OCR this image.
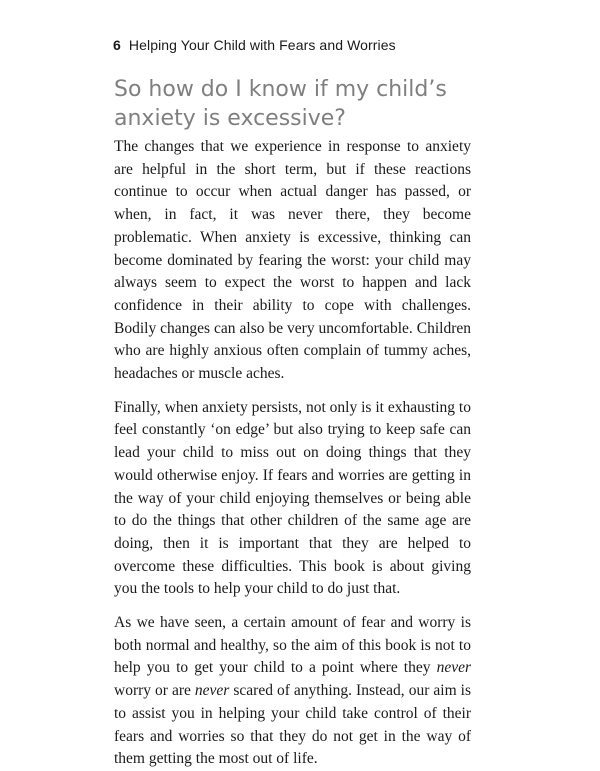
6 Helping Your Child with Fears and Worries
So how do I know if my child’s anxiety is excessive?

The changes that we experience in response to anxiety are helpful in the short term, but if these reactions continue to occur when actual danger has passed, or when, in fact, it was never there, they become problematic. When anxiety is excessive, thinking can become dominated by fearing the worst: your child may always seem to expect the worst to happen and lack confidence in their ability to cope with challenges. Bodily changes can also be very uncomfortable. Children who are highly anxious often complain of tummy aches, headaches or muscle aches.

Finally, when anxiety persists, not only is it exhausting to feel constantly ‘on edge’ but also trying to keep safe can lead your child to miss out on doing things that they would otherwise enjoy. If fears and worries are getting in the way of your child enjoying themselves or being able to do the things that other children of the same age are doing, then it is important that they are helped to overcome these difficulties. This book is about giving you the tools to help your child to do just that.

As we have seen, a certain amount of fear and worry is both normal and healthy, so the aim of this book is not to help you to get your child to a point where they never worry or are never scared of anything. Instead, our aim is to assist you in helping your child take control of their fears and worries so that they do not get in the way of them getting the most out of life.
